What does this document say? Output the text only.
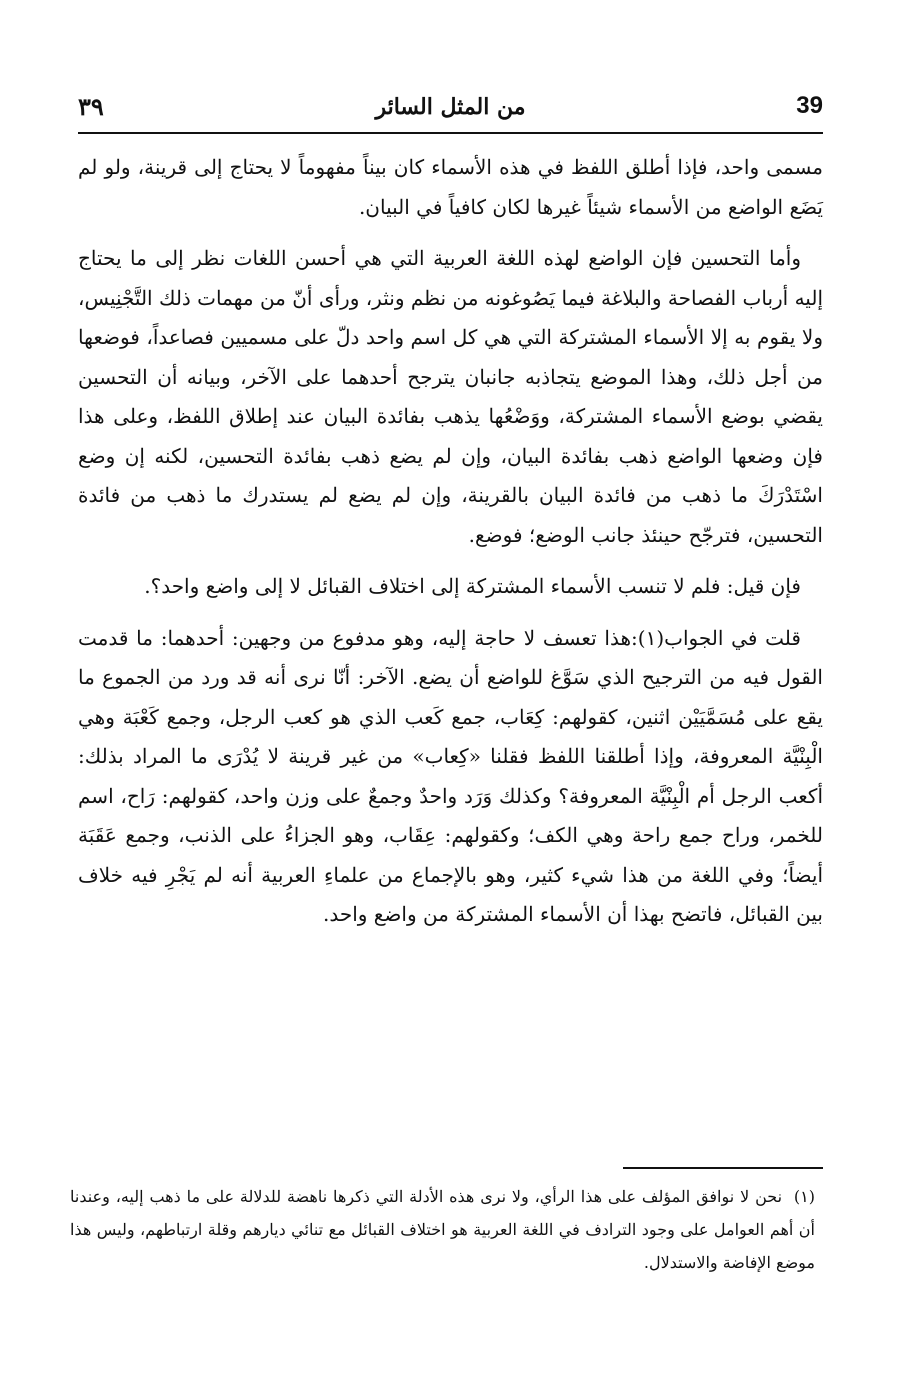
39
من المثل السائر
٣٩

مسمى واحد، فإذا أطلق اللفظ في هذه الأسماء كان بيناً مفهوماً لا يحتاج إلى قرينة، ولو لم يَضَع الواضع من الأسماء شيئاً غيرها لكان كافياً في البيان.

وأما التحسين فإن الواضع لهذه اللغة العربية التي هي أحسن اللغات نظر إلى ما يحتاج إليه أرباب الفصاحة والبلاغة فيما يَصُوغونه من نظم ونثر، ورأى أنّ من مهمات ذلك التَّجْنِيس، ولا يقوم به إلا الأسماء المشتركة التي هي كل اسم واحد دلّ على مسميين فصاعداً، فوضعها من أجل ذلك، وهذا الموضع يتجاذبه جانبان يترجح أحدهما على الآخر، وبيانه أن التحسين يقضي بوضع الأسماء المشتركة، ووَضْعُها يذهب بفائدة البيان عند إطلاق اللفظ، وعلى هذا فإن وضعها الواضع ذهب بفائدة البيان، وإن لم يضع ذهب بفائدة التحسين، لكنه إن وضع اسْتَدْرَكَ ما ذهب من فائدة البيان بالقرينة، وإن لم يضع لم يستدرك ما ذهب من فائدة التحسين، فترجّح حينئذ جانب الوضع؛ فوضع.

فإن قيل: فلم لا تنسب الأسماء المشتركة إلى اختلاف القبائل لا إلى واضع واحد؟.

قلت في الجواب(١):هذا تعسف لا حاجة إليه، وهو مدفوع من وجهين: أحدهما: ما قدمت القول فيه من الترجيح الذي سَوَّغ للواضع أن يضع. الآخر: أنّا نرى أنه قد ورد من الجموع ما يقع على مُسَمَّيَيْن اثنين، كقولهم: كِعَاب، جمع كَعب الذي هو كعب الرجل، وجمع كَعْبَة وهي الْبِنْيَّة المعروفة، وإذا أطلقنا اللفظ فقلنا «كِعاب» من غير قرينة لا يُدْرَى ما المراد بذلك: أكعب الرجل أم الْبِنْيَّة المعروفة؟ وكذلك وَرَد واحدٌ وجمعٌ على وزن واحد، كقولهم: رَاح، اسم للخمر، وراح جمع راحة وهي الكف؛ وكقولهم: عِقَاب، وهو الجزاءُ على الذنب، وجمع عَقَبَة أيضاً؛ وفي اللغة من هذا شيء كثير، وهو بالإجماع من علماءِ العربية أنه لم يَجْرِ فيه خلاف بين القبائل، فاتضح بهذا أن الأسماء المشتركة من واضع واحد.

(١) نحن لا نوافق المؤلف على هذا الرأي، ولا نرى هذه الأدلة التي ذكرها ناهضة للدلالة على ما ذهب إليه، وعندنا أن أهم العوامل على وجود الترادف في اللغة العربية هو اختلاف القبائل مع تنائي ديارهم وقلة ارتباطهم، وليس هذا موضع الإفاضة والاستدلال.
